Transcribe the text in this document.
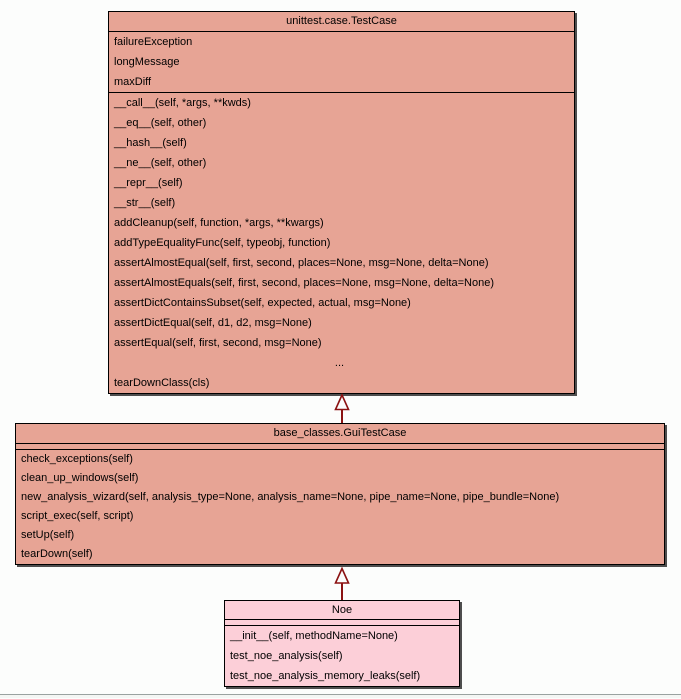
unittest.case.TestCase
failureException
longMessage
maxDiff
__call__(self, *args, **kwds)
__eq__(self, other)
__hash__(self)
__ne__(self, other)
__repr__(self)
__str__(self)
addCleanup(self, function, *args, **kwargs)
addTypeEqualityFunc(self, typeobj, function)
assertAlmostEqual(self, first, second, places=None, msg=None, delta=None)
assertAlmostEquals(self, first, second, places=None, msg=None, delta=None)
assertDictContainsSubset(self, expected, actual, msg=None)
assertDictEqual(self, d1, d2, msg=None)
assertEqual(self, first, second, msg=None)
...
tearDownClass(cls)
base_classes.GuiTestCase
check_exceptions(self)
clean_up_windows(self)
new_analysis_wizard(self, analysis_type=None, analysis_name=None, pipe_name=None, pipe_bundle=None)
script_exec(self, script)
setUp(self)
tearDown(self)
Noe
__init__(self, methodName=None)
test_noe_analysis(self)
test_noe_analysis_memory_leaks(self)
